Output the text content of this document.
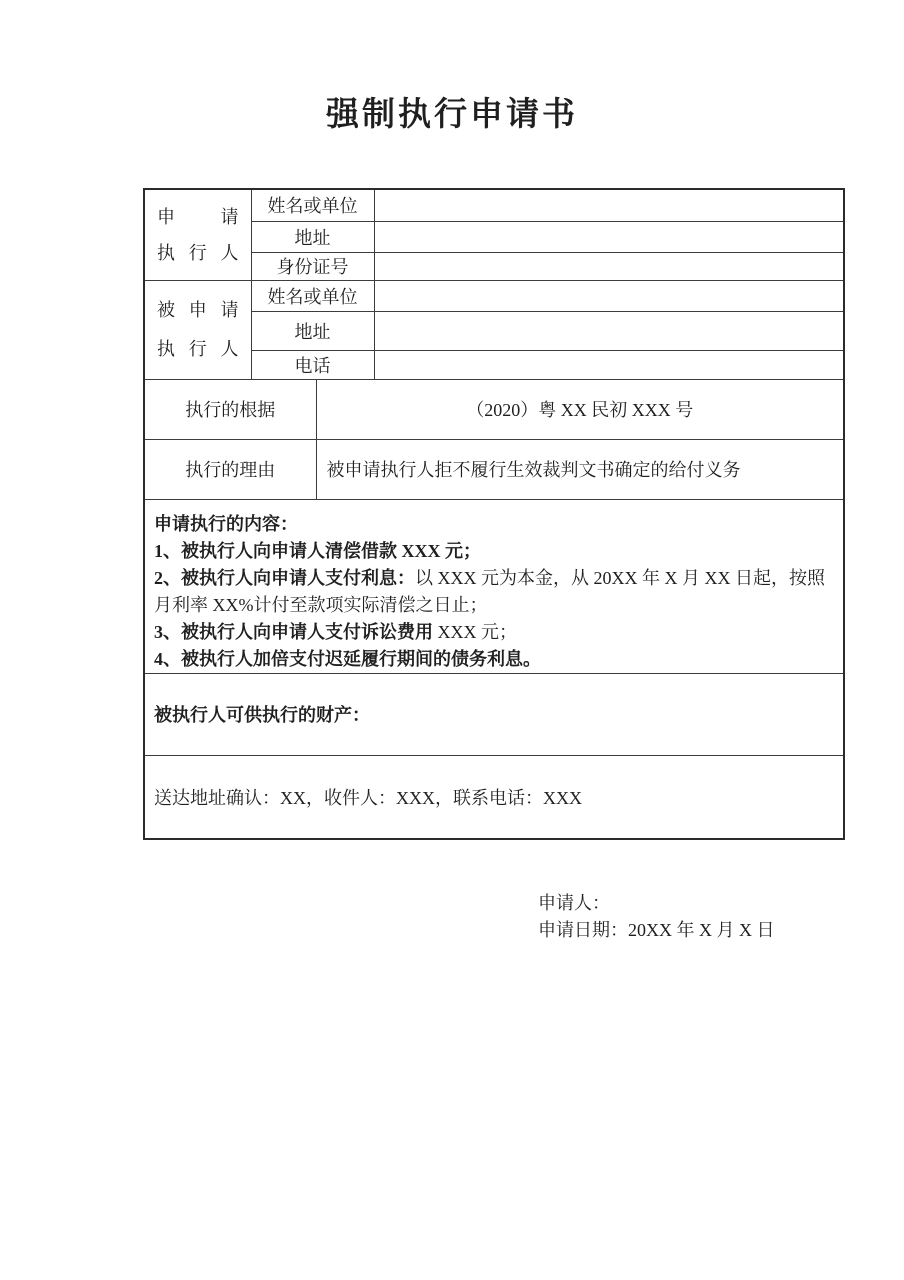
强制执行申请书
申请
执行人	姓名或单位		
	地址		
	身份证号		

被申请
执行人	姓名或单位		
	地址		
	电话		
执行的根据		（2020）粤 XX 民初 XXX 号	
执行的理由		被申请执行人拒不履行生效裁判文书确定的给付义务	

申请执行的内容：
1、被执行人向申请人清偿借款 XXX 元；
2、被执行人向申请人支付利息：以 XXX 元为本金，从 20XX 年 X 月 XX 日起，按照月利率 XX%计付至款项实际清偿之日止；
3、被执行人向申请人支付诉讼费用 XXX 元；
4、被执行人加倍支付迟延履行期间的债务利息。			

被执行人可供执行的财产：			
送达地址确认：XX，收件人：XXX，联系电话：XXX			
申请人：
申请日期：20XX 年 X 月 X 日
